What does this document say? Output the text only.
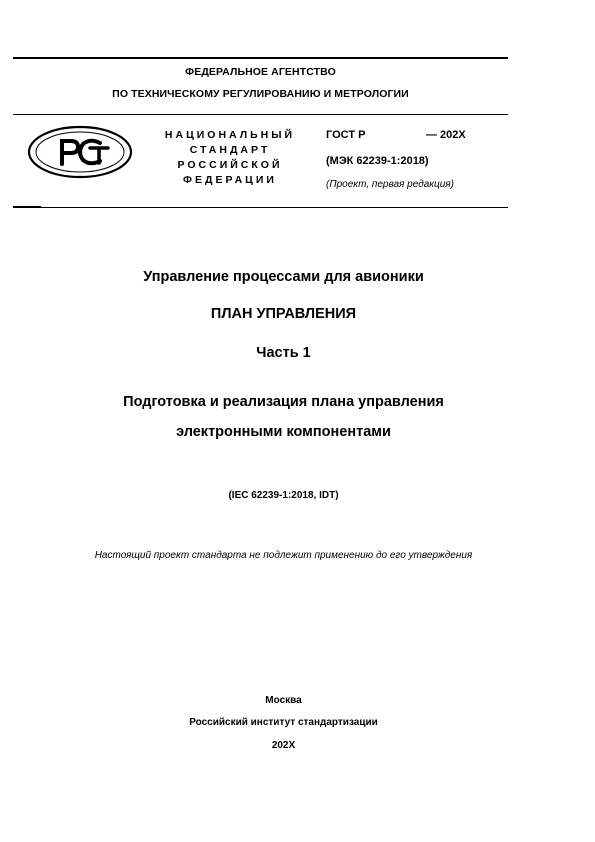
ФЕДЕРАЛЬНОЕ АГЕНТСТВО
ПО ТЕХНИЧЕСКОМУ РЕГУЛИРОВАНИЮ И МЕТРОЛОГИИ
НАЦИОНАЛЬНЫЙ
СТАНДАРТ
РОССИЙСКОЙ
ФЕДЕРАЦИИ
ГОСТ Р	— 202X
(МЭК 62239-1:2018)
(Проект, первая редакция)
Управление процессами для авионики
ПЛАН УПРАВЛЕНИЯ
Часть 1
Подготовка и реализация плана управления
электронными компонентами
(IEC 62239-1:2018, IDT)
Настоящий проект стандарта не подлежит применению до его утверждения
Москва
Российский институт стандартизации
202X
